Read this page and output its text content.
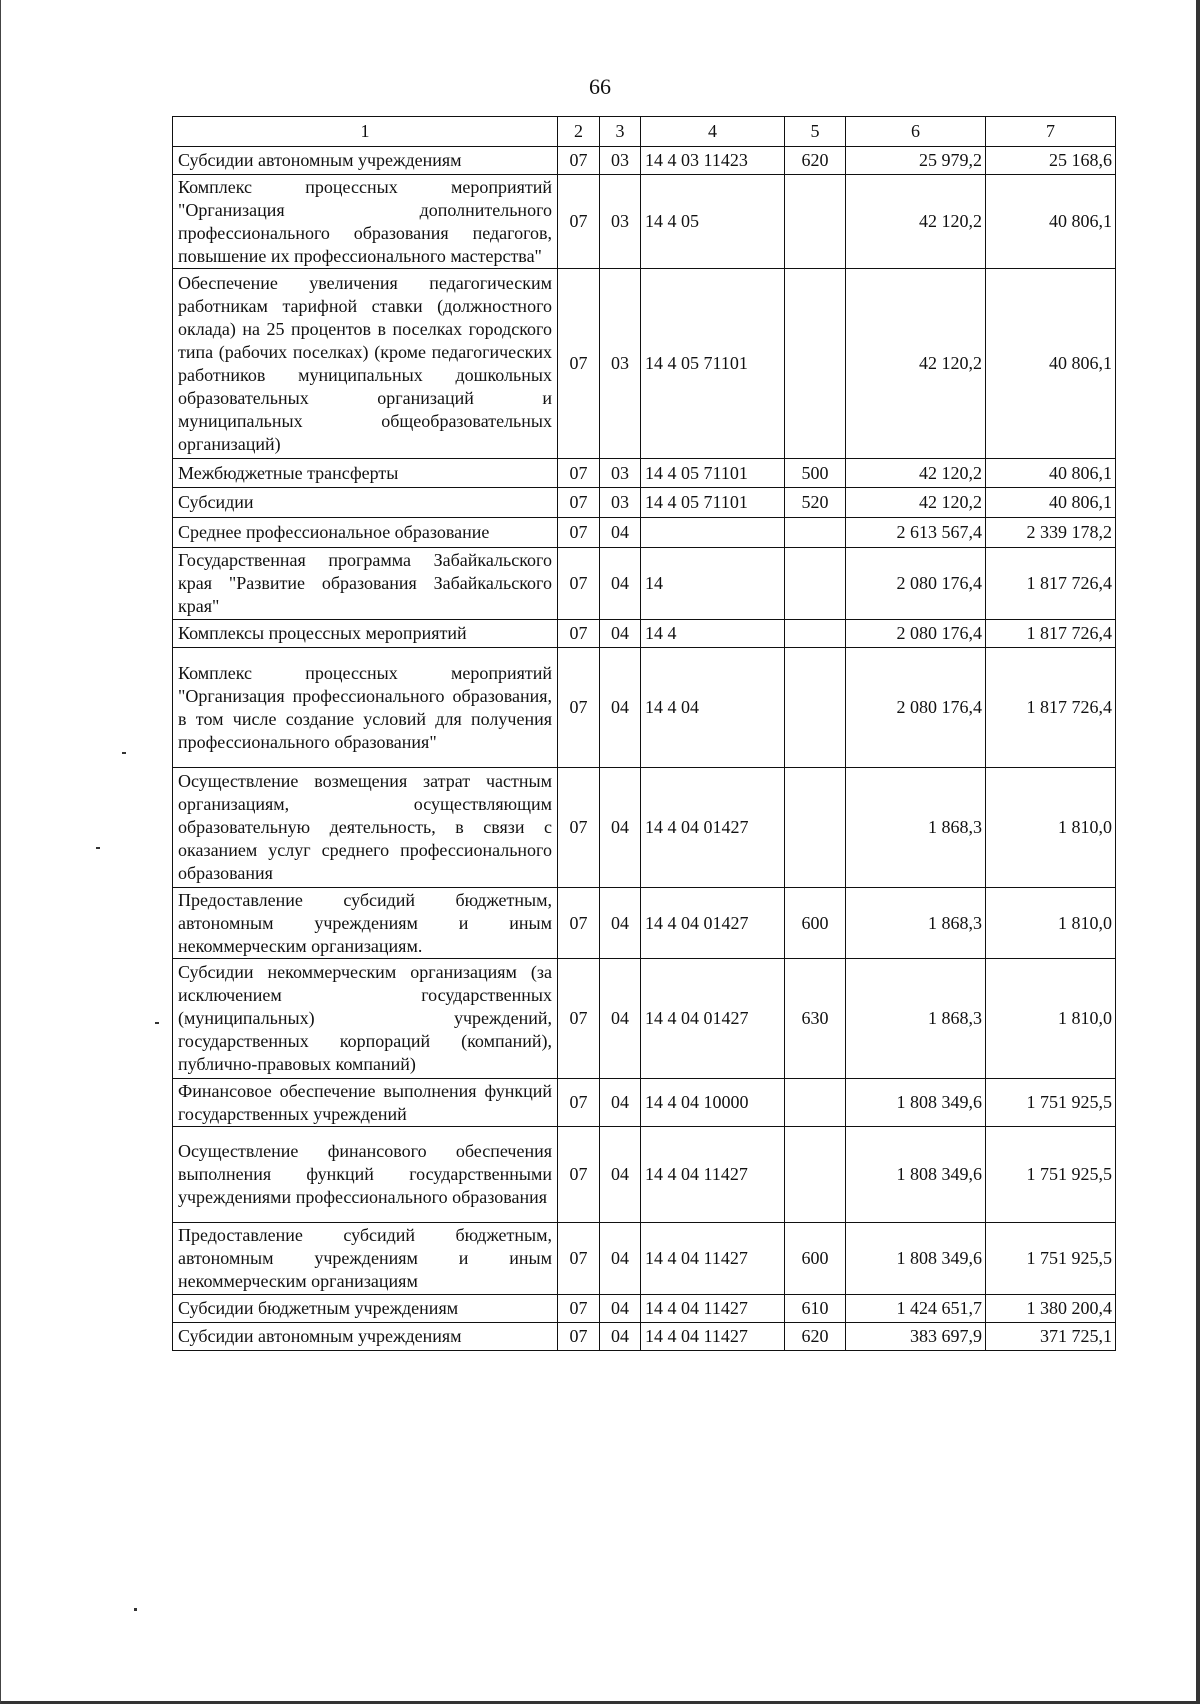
66
1	2	3	4	5	6	7
Субсидии автономным учреждениям	07	03	14 4 03 11423	620	25 979,2	25 168,6
Комплекс процессных мероприятий "Организация дополнительного профессионального образования педагогов, повышение их профессионального мастерства"	07	03	14 4 05		42 120,2	40 806,1
Обеспечение увеличения педагогическим работникам тарифной ставки (должностного оклада) на 25 процентов в поселках городского типа (рабочих поселках) (кроме педагогических работников муниципальных дошкольных образовательных организаций и муниципальных общеобразовательных организаций)	07	03	14 4 05 71101		42 120,2	40 806,1
Межбюджетные трансферты	07	03	14 4 05 71101	500	42 120,2	40 806,1
Субсидии	07	03	14 4 05 71101	520	42 120,2	40 806,1
Среднее профессиональное образование	07	04			2 613 567,4	2 339 178,2
Государственная программа Забайкальского края "Развитие образования Забайкальского края"	07	04	14		2 080 176,4	1 817 726,4
Комплексы процессных мероприятий	07	04	14 4		2 080 176,4	1 817 726,4
Комплекс процессных мероприятий "Организация профессионального образования, в том числе создание условий для получения профессионального образования"	07	04	14 4 04		2 080 176,4	1 817 726,4
Осуществление возмещения затрат частным организациям, осуществляющим образовательную деятельность, в связи с оказанием услуг среднего профессионального образования	07	04	14 4 04 01427		1 868,3	1 810,0
Предоставление субсидий бюджетным, автономным учреждениям и иным некоммерческим организациям.	07	04	14 4 04 01427	600	1 868,3	1 810,0
Субсидии некоммерческим организациям (за исключением государственных (муниципальных) учреждений, государственных корпораций (компаний), публично-правовых компаний)	07	04	14 4 04 01427	630	1 868,3	1 810,0
Финансовое обеспечение выполнения функций государственных учреждений	07	04	14 4 04 10000		1 808 349,6	1 751 925,5
Осуществление финансового обеспечения выполнения функций государственными учреждениями профессионального образования	07	04	14 4 04 11427		1 808 349,6	1 751 925,5
Предоставление субсидий бюджетным, автономным учреждениям и иным некоммерческим организациям	07	04	14 4 04 11427	600	1 808 349,6	1 751 925,5
Субсидии бюджетным учреждениям	07	04	14 4 04 11427	610	1 424 651,7	1 380 200,4
Субсидии автономным учреждениям	07	04	14 4 04 11427	620	383 697,9	371 725,1
